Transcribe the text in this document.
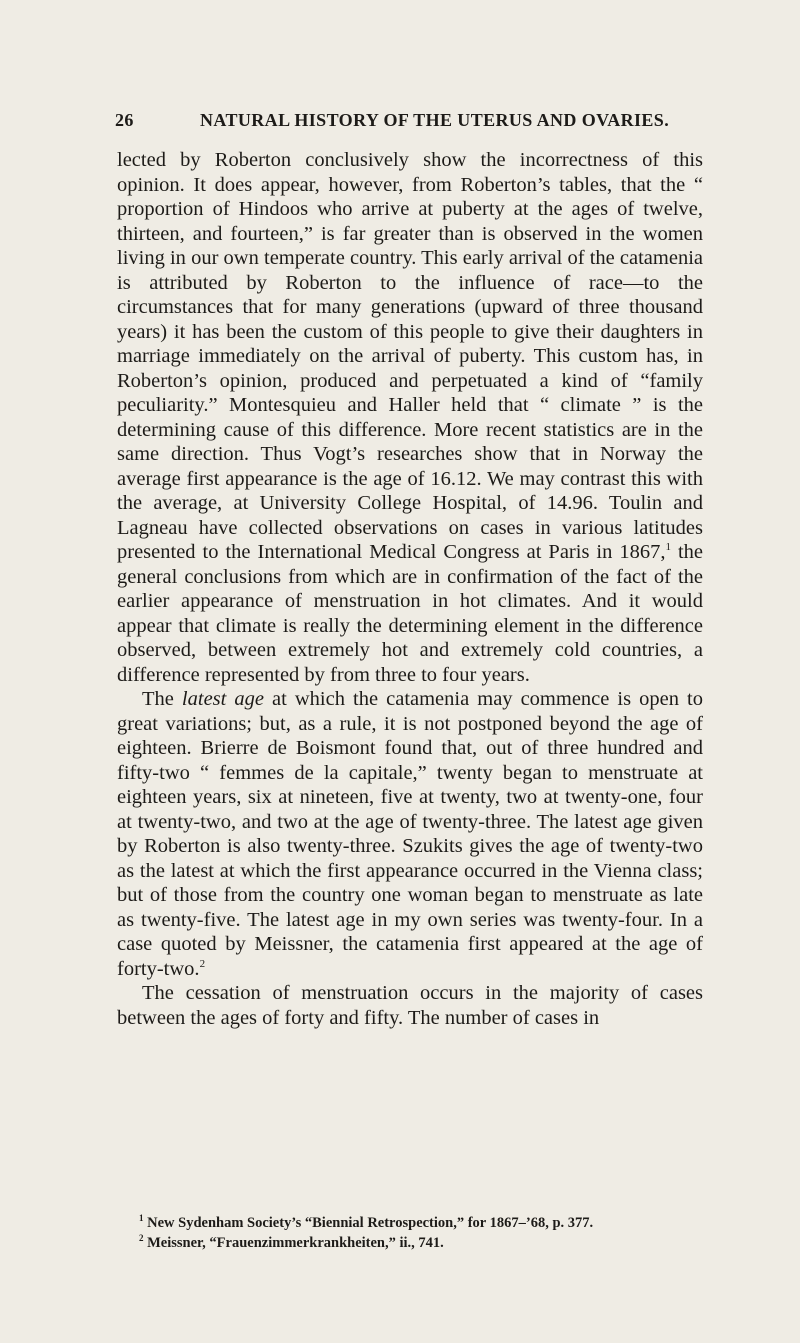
26	NATURAL HISTORY OF THE UTERUS AND OVARIES.

lected by Roberton conclusively show the incorrectness of this opinion. It does appear, however, from Roberton’s tables, that the “ proportion of Hindoos who arrive at puberty at the ages of twelve, thirteen, and fourteen,” is far greater than is observed in the women living in our own temperate country. This early arrival of the catamenia is attributed by Roberton to the influence of race—to the circumstances that for many generations (upward of three thousand years) it has been the custom of this people to give their daughters in marriage immediately on the arrival of puberty. This custom has, in Roberton’s opinion, produced and perpetuated a kind of “family peculiarity.” Montesquieu and Haller held that “ climate ” is the determining cause of this difference. More recent statistics are in the same direction. Thus Vogt’s researches show that in Norway the average first appearance is the age of 16.12. We may contrast this with the average, at University College Hospital, of 14.96. Toulin and Lagneau have collected observations on cases in various latitudes presented to the International Medical Congress at Paris in 1867,$^1$ the general conclusions from which are in confirmation of the fact of the earlier appearance of menstruation in hot climates. And it would appear that climate is really the determining element in the difference observed, between extremely hot and extremely cold countries, a difference represented by from three to four years.

The latest age at which the catamenia may commence is open to great variations; but, as a rule, it is not postponed beyond the age of eighteen. Brierre de Boismont found that, out of three hundred and fifty-two “ femmes de la capitale,” twenty began to menstruate at eighteen years, six at nineteen, five at twenty, two at twenty-one, four at twenty-two, and two at the age of twenty-three. The latest age given by Roberton is also twenty-three. Szukits gives the age of twenty-two as the latest at which the first appearance occurred in the Vienna class; but of those from the country one woman began to menstruate as late as twenty-five. The latest age in my own series was twenty-four. In a case quoted by Meissner, the catamenia first appeared at the age of forty-two.$^2$

The cessation of menstruation occurs in the majority of cases between the ages of forty and fifty. The number of cases in

$^1$ New Sydenham Society’s “Biennial Retrospection,” for 1867–’68, p. 377.
$^2$ Meissner, “Frauenzimmerkrankheiten,” ii., 741.
